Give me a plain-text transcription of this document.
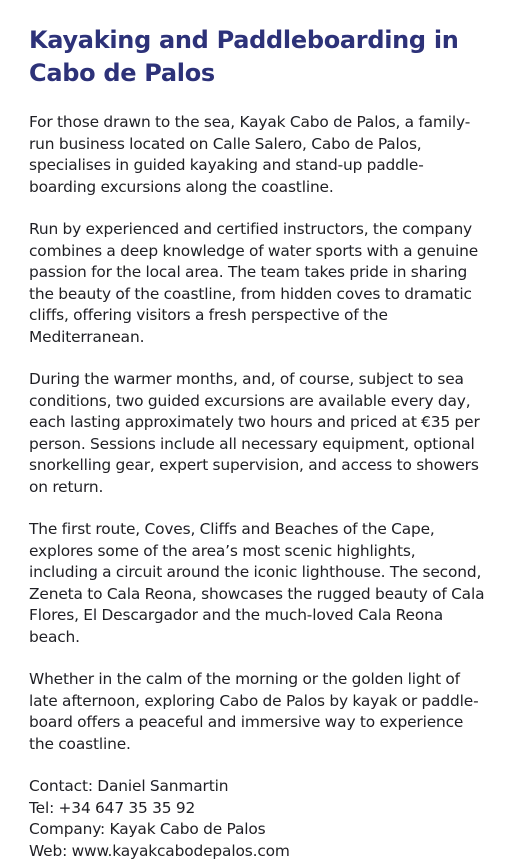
Kayaking and Paddleboarding in Cabo de Palos

For those drawn to the sea, Kayak Cabo de Palos, a family-run business located on Calle Salero, Cabo de Palos, specialises in guided kayaking and stand-up paddle-boarding excursions along the coastline.

Run by experienced and certified instructors, the company combines a deep knowledge of water sports with a genuine passion for the local area. The team takes pride in sharing the beauty of the coastline, from hidden coves to dramatic cliffs, offering visitors a fresh perspective of the Mediterranean.

During the warmer months, and, of course, subject to sea conditions, two guided excursions are available every day, each lasting approximately two hours and priced at €35 per person. Sessions include all necessary equipment, optional snorkelling gear, expert supervision, and access to showers on return.

The first route, Coves, Cliffs and Beaches of the Cape, explores some of the area’s most scenic highlights, including a circuit around the iconic lighthouse. The second, Zeneta to Cala Reona, showcases the rugged beauty of Cala Flores, El Descargador and the much-loved Cala Reona beach.

Whether in the calm of the morning or the golden light of late afternoon, exploring Cabo de Palos by kayak or paddle-board offers a peaceful and immersive way to experience the coastline.

Contact: Daniel Sanmartin
Tel: +34 647 35 35 92
Company: Kayak Cabo de Palos
Web: www.kayakcabodepalos.com
